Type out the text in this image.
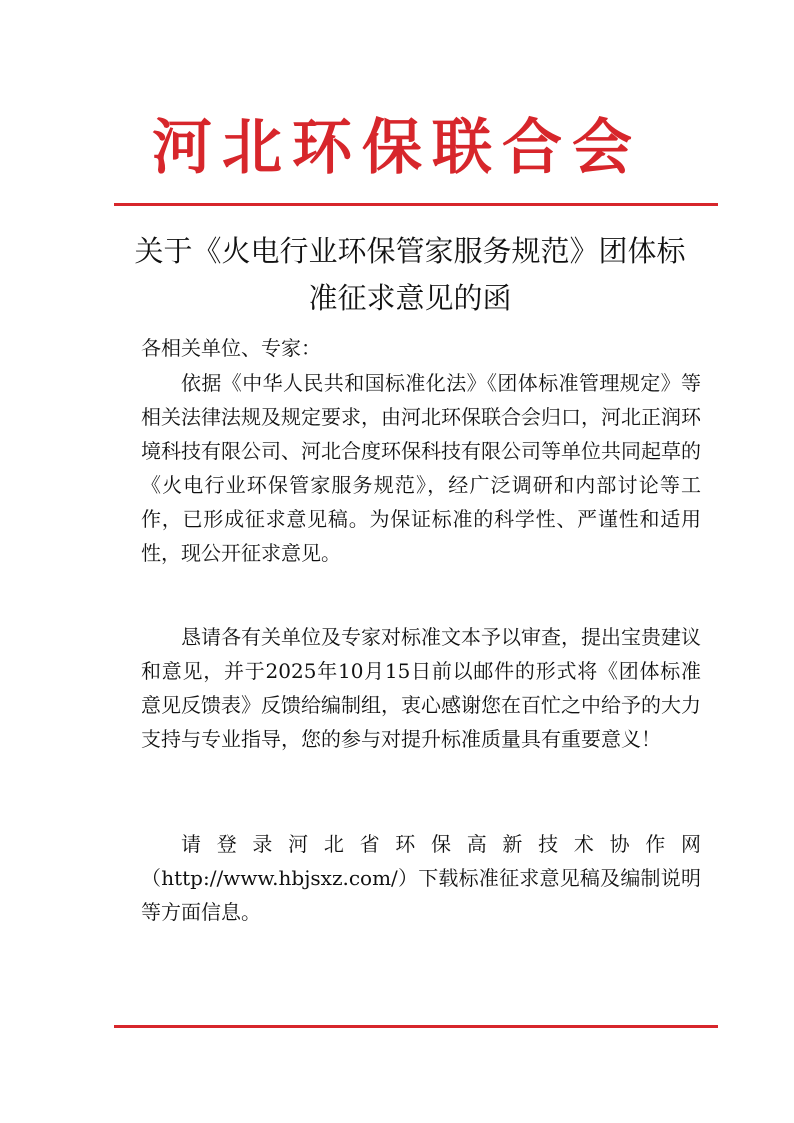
河北环保联合会
关于《火电行业环保管家服务规范》团体标
准征求意见的函
各相关单位、专家：

依据《中华人民共和国标准化法》《团体标准管理规定》等相关法律法规及规定要求，由河北环保联合会归口，河北正润环境科技有限公司、河北合度环保科技有限公司等单位共同起草的《火电行业环保管家服务规范》，经广泛调研和内部讨论等工作，已形成征求意见稿。为保证标准的科学性、严谨性和适用性，现公开征求意见。

恳请各有关单位及专家对标准文本予以审查，提出宝贵建议和意见，并于2025年10月15日前以邮件的形式将《团体标准意见反馈表》反馈给编制组，衷心感谢您在百忙之中给予的大力支持与专业指导，您的参与对提升标准质量具有重要意义！

请登录河北省环保高新技术协作网（http://www.hbjsxz.com/）下载标准征求意见稿及编制说明等方面信息。
